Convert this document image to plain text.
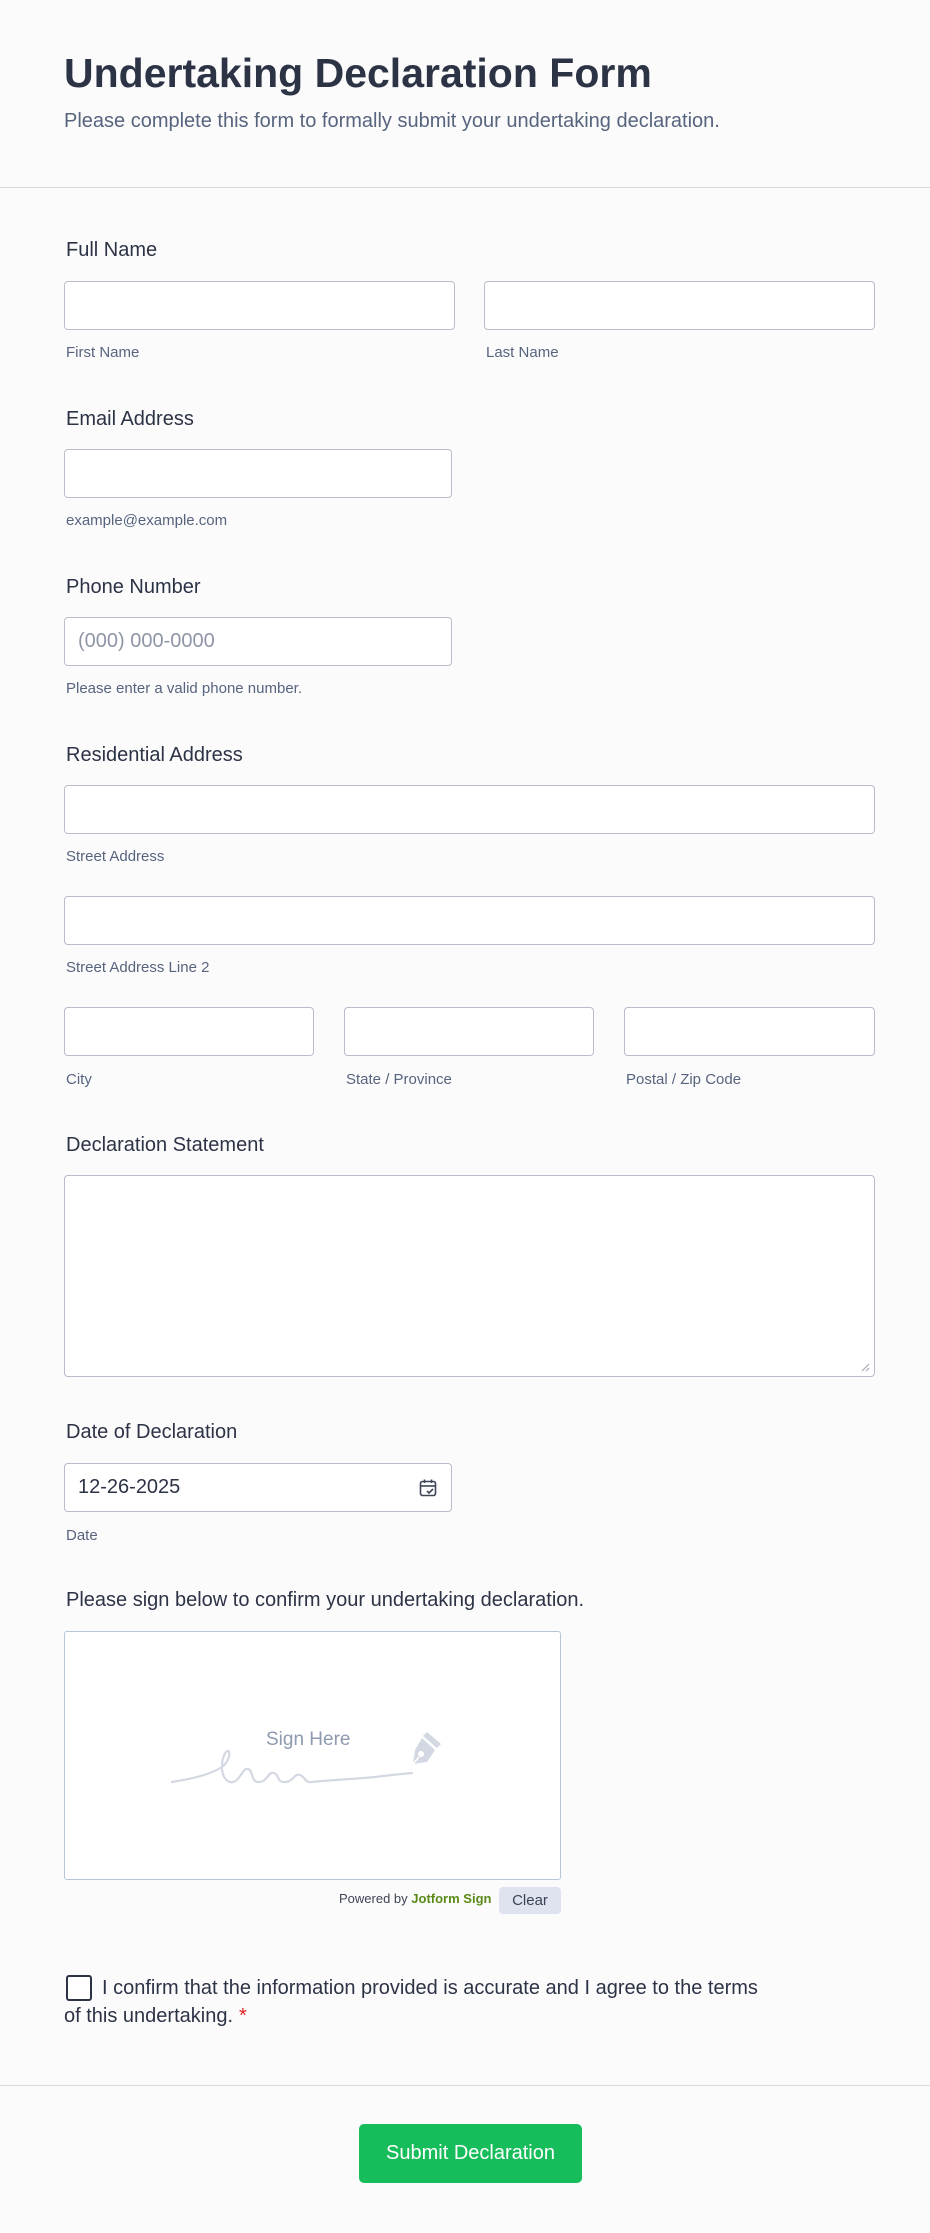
Undertaking Declaration Form
Please complete this form to formally submit your undertaking declaration.
Full Name
First Name	Last Name
Email Address
example@example.com
Phone Number
(000) 000-0000
Please enter a valid phone number.
Residential Address
Street Address
Street Address Line 2
City	State / Province	Postal / Zip Code
Declaration Statement
Date of Declaration
12-26-2025
Date
Please sign below to confirm your undertaking declaration.
Sign Here
Powered by Jotform Sign	Clear
I confirm that the information provided is accurate and I agree to the terms of this undertaking. *
Submit Declaration
